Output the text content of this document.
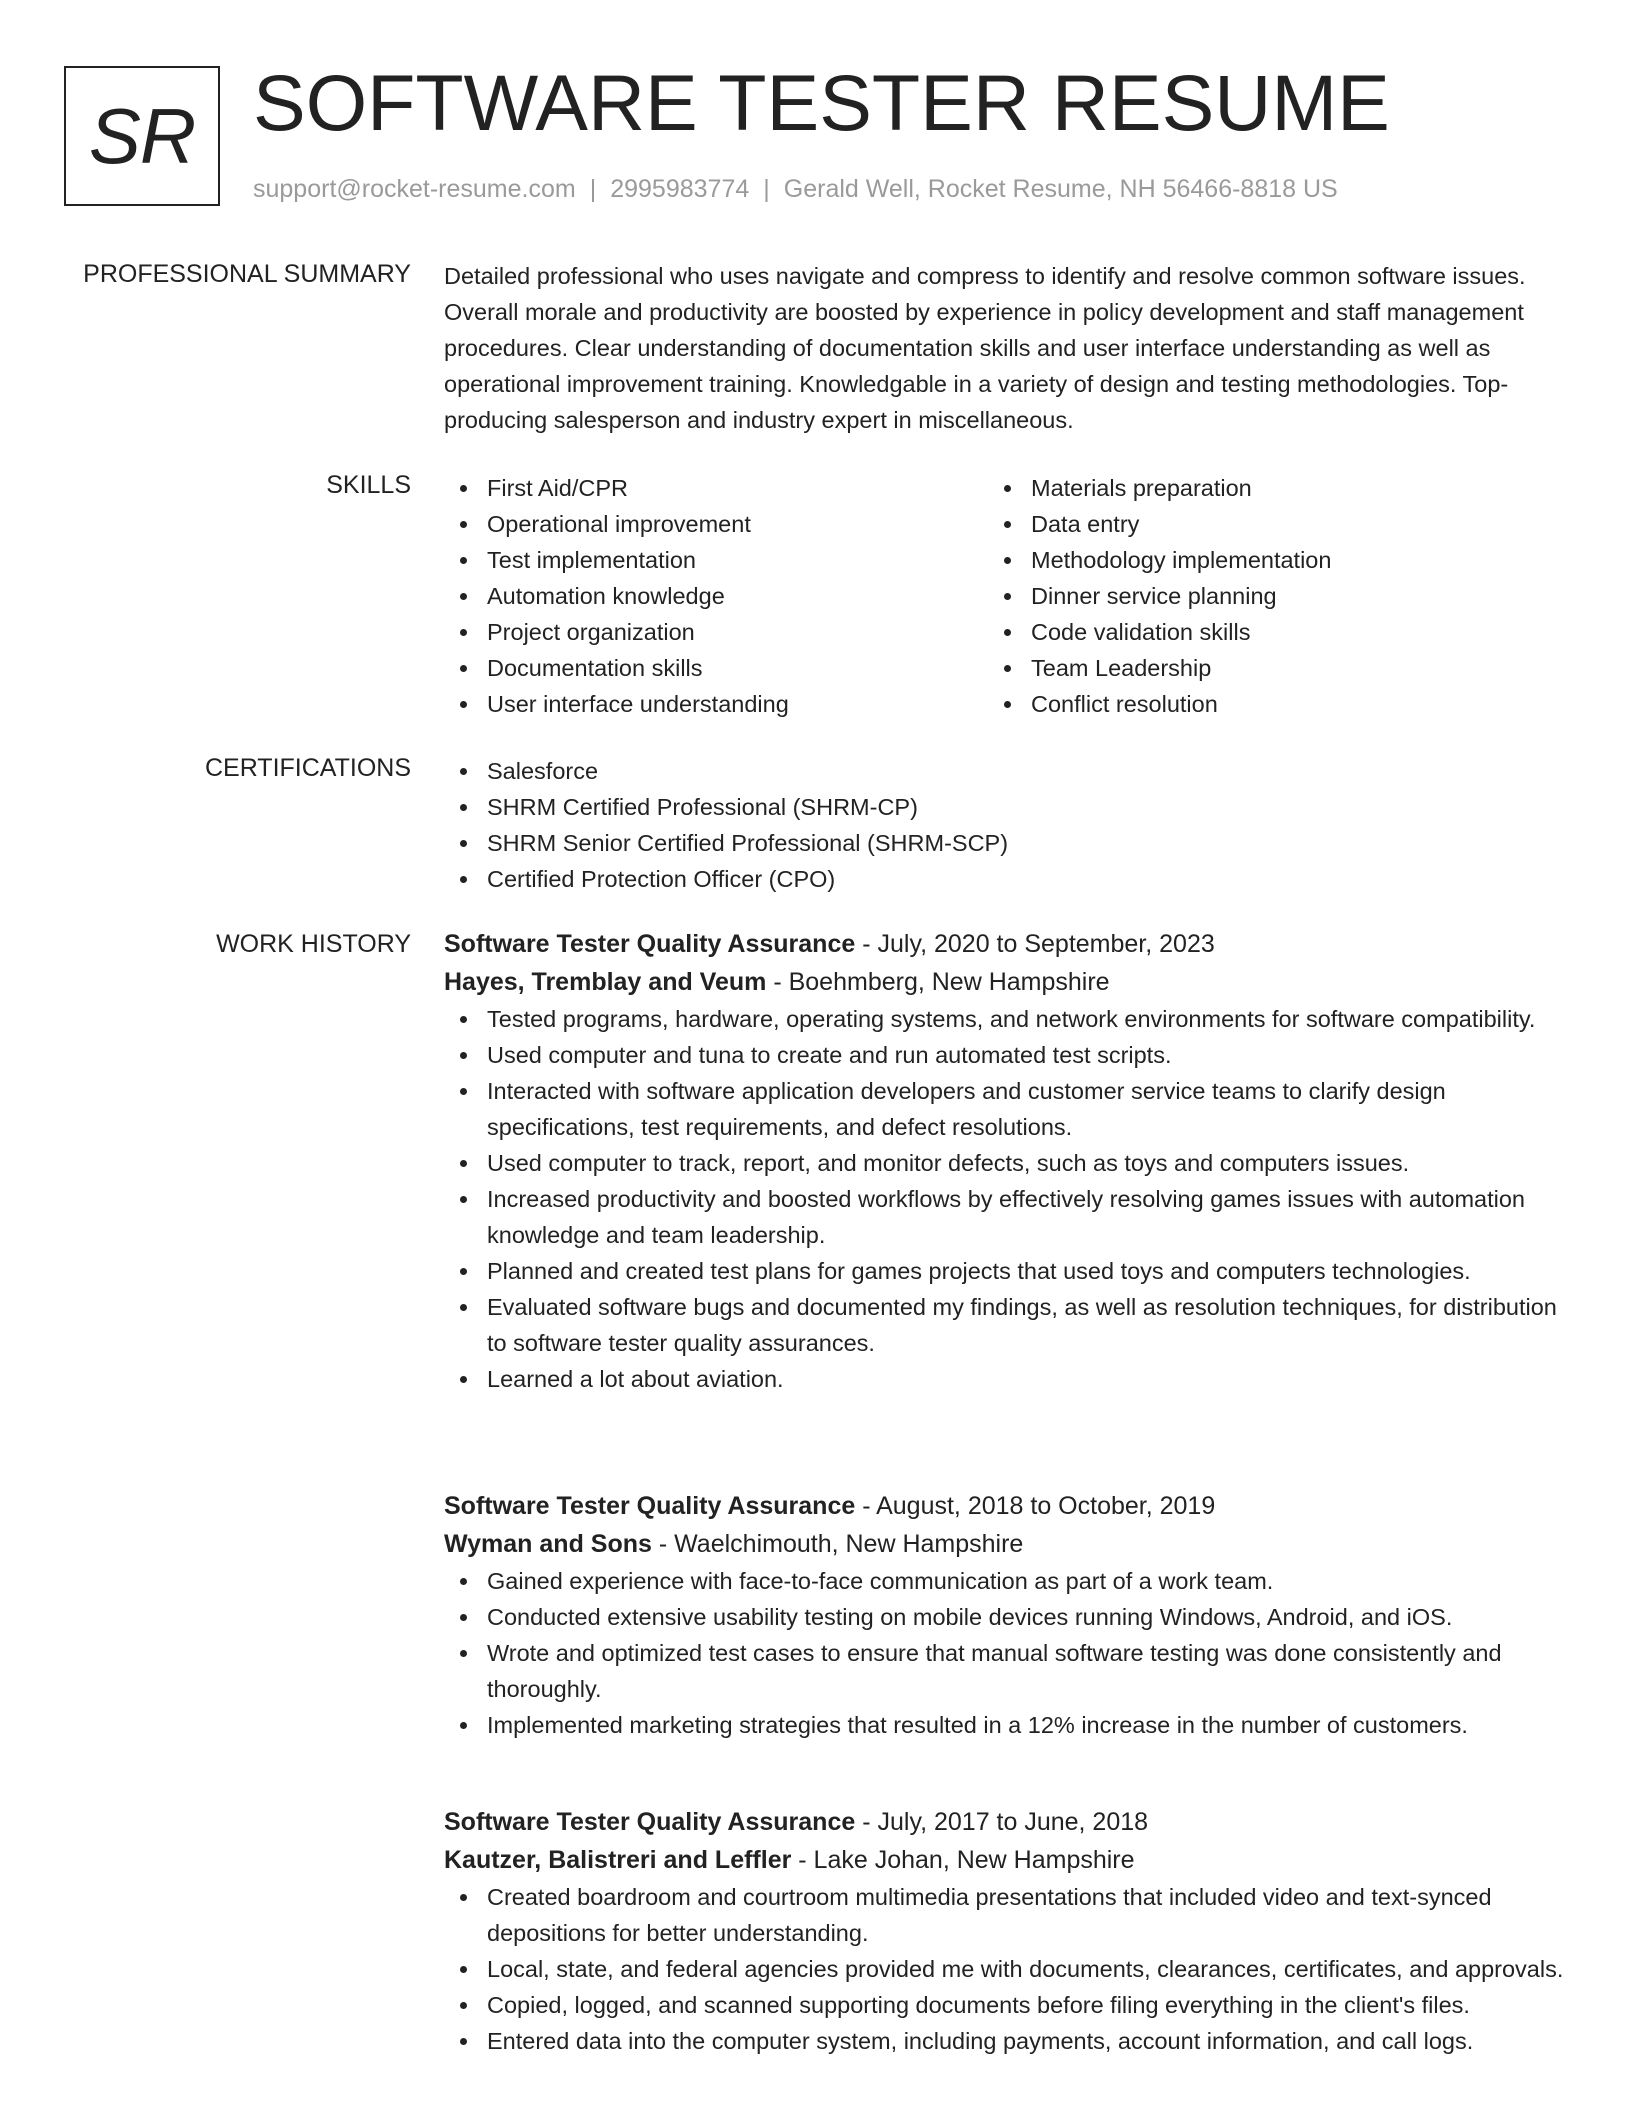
SR SOFTWARE TESTER RESUME
support@rocket-resume.com | 2995983774 | Gerald Well, Rocket Resume, NH 56466-8818 US
PROFESSIONAL SUMMARY Detailed professional who uses navigate and compress to identify and resolve common software issues. Overall morale and productivity are boosted by experience in policy development and staff management procedures. Clear understanding of documentation skills and user interface understanding as well as operational improvement training. Knowledgable in a variety of design and testing methodologies. Top-producing salesperson and industry expert in miscellaneous.
SKILLS	First Aid/CPR
Operational improvement
Test implementation
Automation knowledge
Project organization
Documentation skills
User interface understanding
Materials preparation
Data entry
Methodology implementation
Dinner service planning
Code validation skills
Team Leadership
Conflict resolution
CERTIFICATIONS	Salesforce
SHRM Certified Professional (SHRM-CP)
SHRM Senior Certified Professional (SHRM-SCP)
Certified Protection Officer (CPO)
WORK HISTORY Software Tester Quality Assurance - July, 2020 to September, 2023
Hayes, Tremblay and Veum - Boehmberg, New Hampshire
Tested programs, hardware, operating systems, and network environments for software compatibility.
Used computer and tuna to create and run automated test scripts.
Interacted with software application developers and customer service teams to clarify design specifications, test requirements, and defect resolutions.
Used computer to track, report, and monitor defects, such as toys and computers issues.
Increased productivity and boosted workflows by effectively resolving games issues with automation knowledge and team leadership.
Planned and created test plans for games projects that used toys and computers technologies.
Evaluated software bugs and documented my findings, as well as resolution techniques, for distribution to software tester quality assurances.
Learned a lot about aviation.
Software Tester Quality Assurance - August, 2018 to October, 2019
Wyman and Sons - Waelchimouth, New Hampshire
Gained experience with face-to-face communication as part of a work team.
Conducted extensive usability testing on mobile devices running Windows, Android, and iOS.
Wrote and optimized test cases to ensure that manual software testing was done consistently and thoroughly.
Implemented marketing strategies that resulted in a 12% increase in the number of customers.
Software Tester Quality Assurance - July, 2017 to June, 2018
Kautzer, Balistreri and Leffler - Lake Johan, New Hampshire
Created boardroom and courtroom multimedia presentations that included video and text-synced depositions for better understanding.
Local, state, and federal agencies provided me with documents, clearances, certificates, and approvals.
Copied, logged, and scanned supporting documents before filing everything in the client's files.
Entered data into the computer system, including payments, account information, and call logs.
